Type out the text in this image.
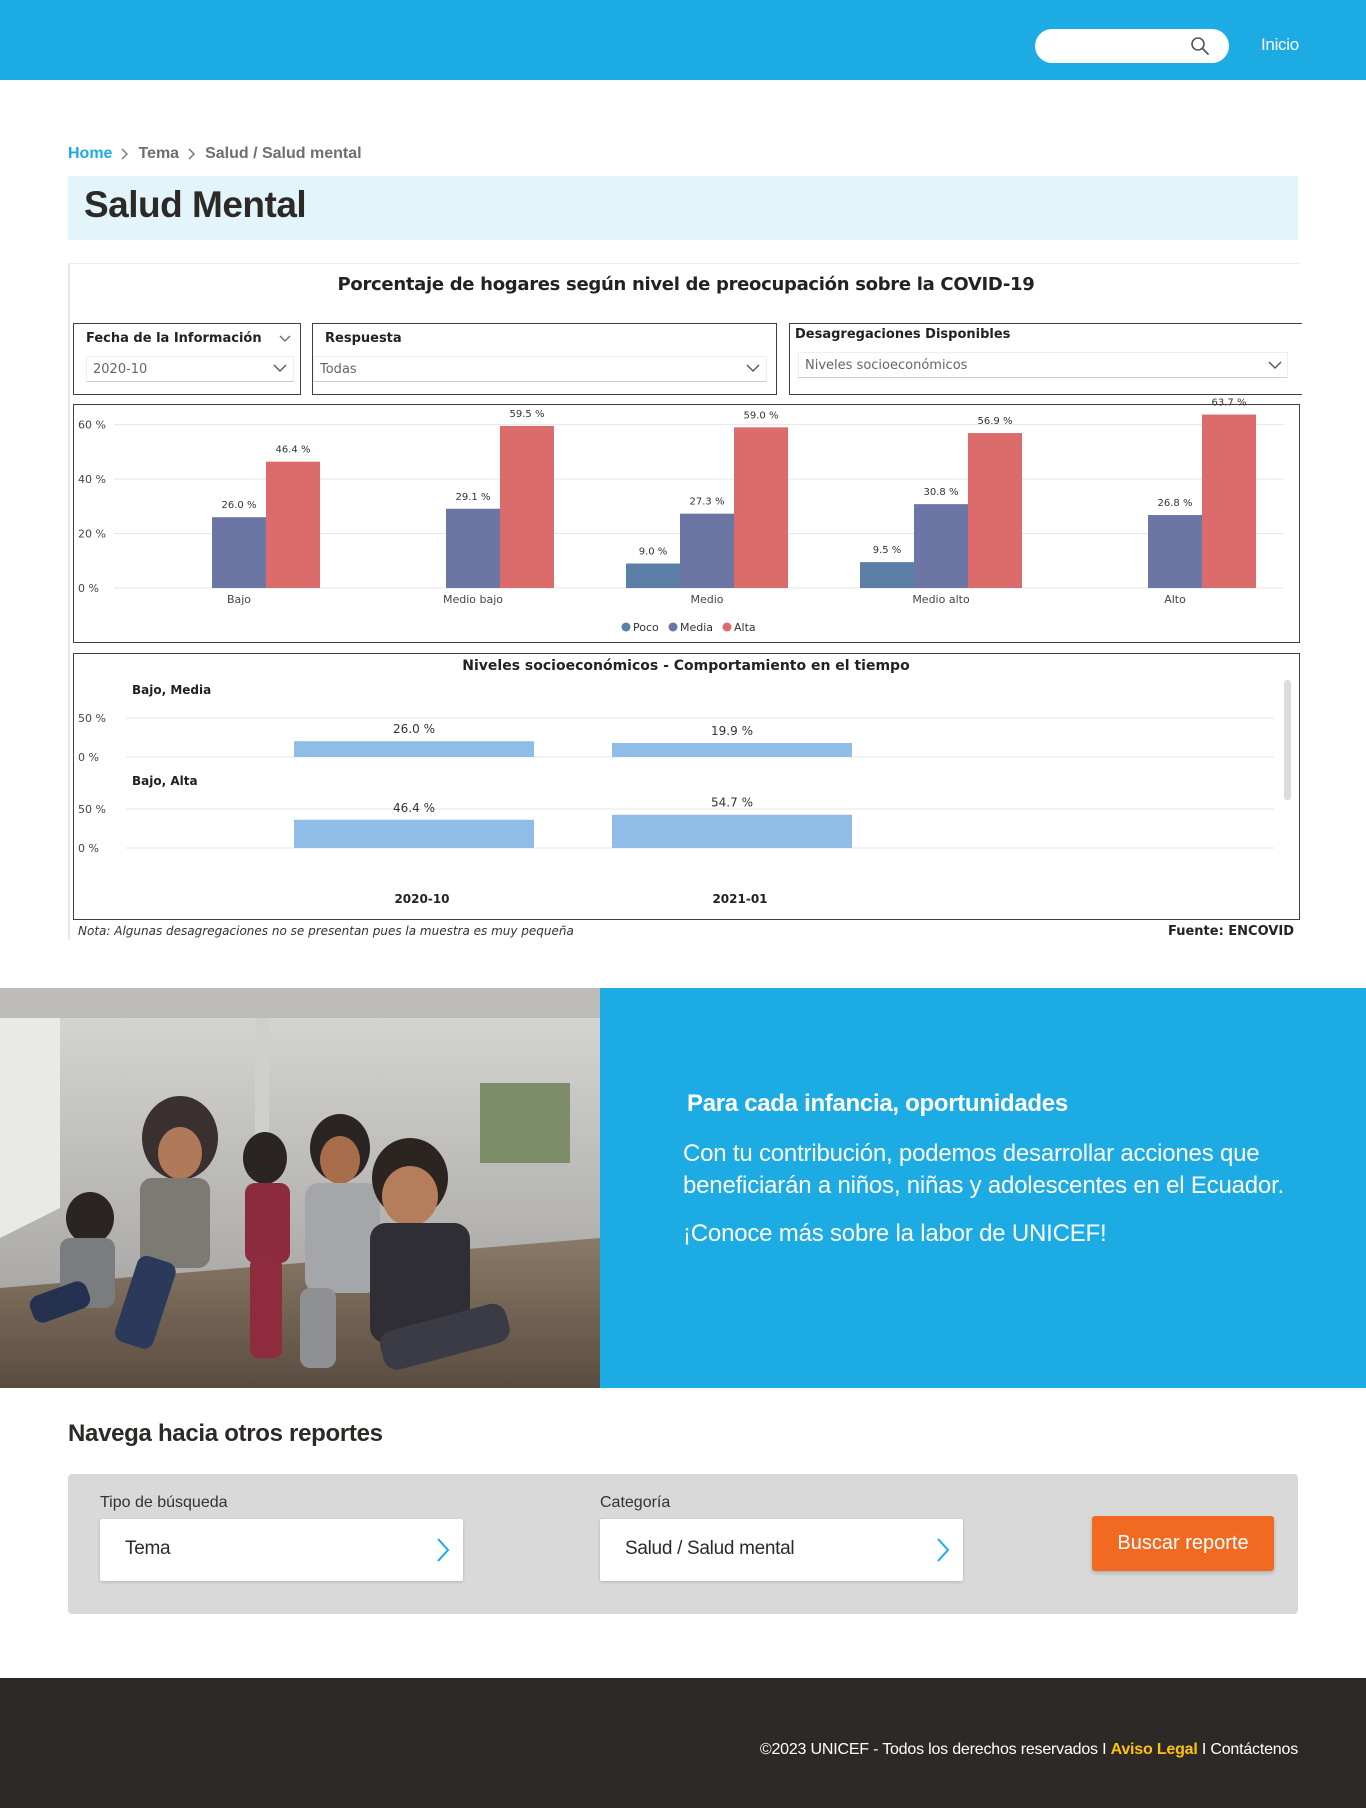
Inicio
Home Tema Salud / Salud mental
Salud Mental
Porcentaje de hogares según nivel de preocupación sobre la COVID-19
Fecha de la Información
2020-10
Respuesta
Todas
Desagregaciones Disponibles
Niveles socioeconómicos
0 %
20 %
40 %
60 %
26.0 %
46.4 %
Bajo
29.1 %
59.5 %
Medio bajo
9.0 %
27.3 %
59.0 %
Medio
9.5 %
30.8 %
56.9 %
Medio alto
26.8 %
63.7 %
Alto
Poco Media Alta
Niveles socioeconómicos - Comportamiento en el tiempo
Bajo, Media
0 %
50 %
26.0 %	19.9 %
Bajo, Alta
0 %
50 %	46.4 %	54.7 %
2020-10	2021-01
Nota: Algunas desagregaciones no se presentan pues la muestra es muy pequeña	Fuente: ENCOVID
Para cada infancia, oportunidades
Con tu contribución, podemos desarrollar acciones que beneficiarán a niños, niñas y adolescentes en el Ecuador.
¡Conoce más sobre la labor de UNICEF!
Navega hacia otros reportes
Tipo de búsqueda
Tema
Categoría
Salud / Salud mental	Buscar reporte
©2023 UNICEF - Todos los derechos reservados I Aviso Legal I Contáctenos
